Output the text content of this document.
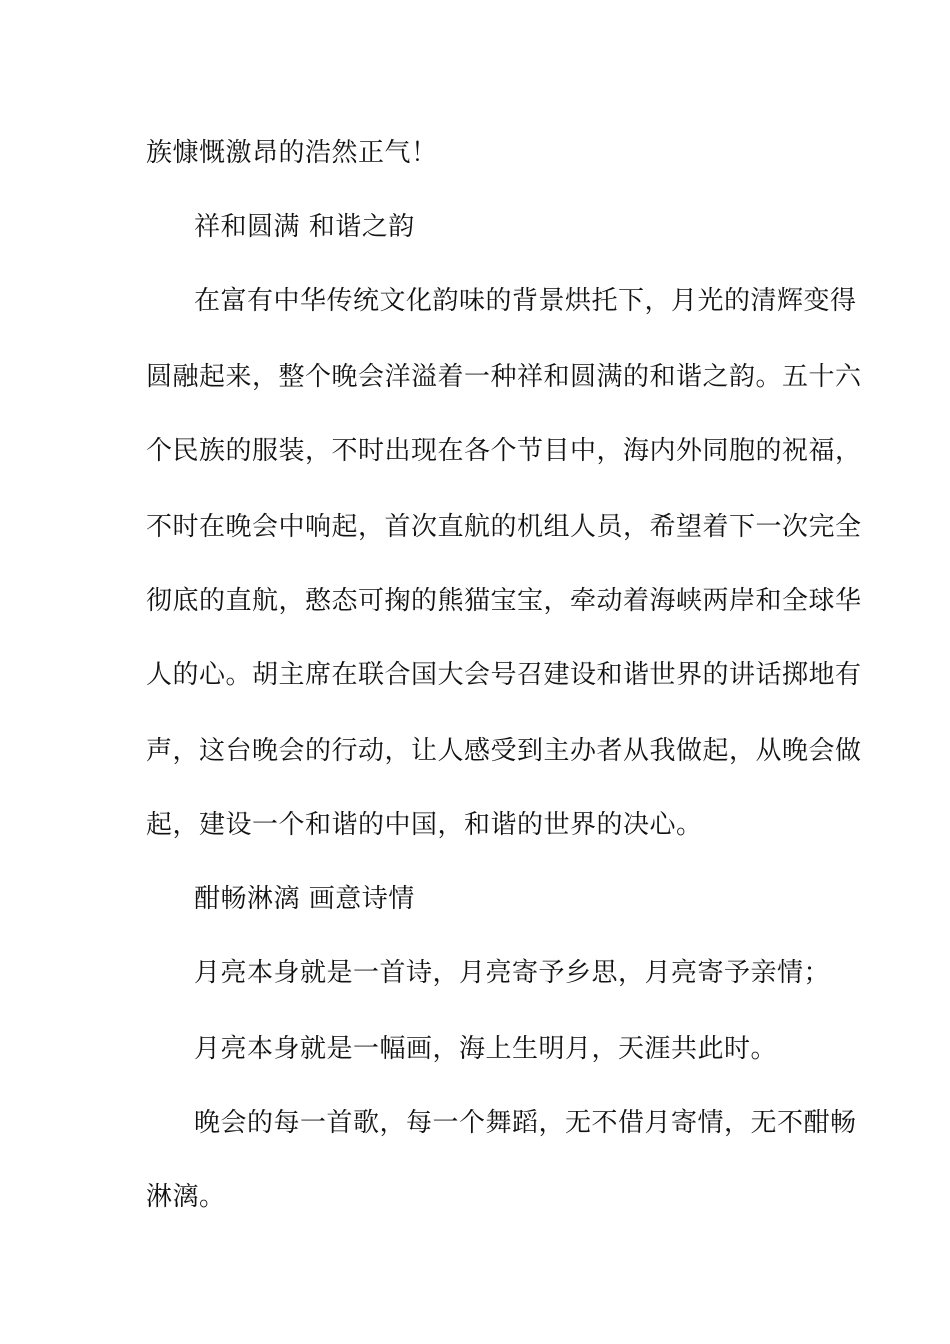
族慷慨激昂的浩然正气！
祥和圆满 和谐之韵
在富有中华传统文化韵味的背景烘托下，月光的清辉变得
圆融起来，整个晚会洋溢着一种祥和圆满的和谐之韵。五十六
个民族的服装，不时出现在各个节目中，海内外同胞的祝福，
不时在晚会中响起，首次直航的机组人员，希望着下一次完全
彻底的直航，憨态可掬的熊猫宝宝，牵动着海峡两岸和全球华
人的心。胡主席在联合国大会号召建设和谐世界的讲话掷地有
声，这台晚会的行动，让人感受到主办者从我做起，从晚会做
起，建设一个和谐的中国，和谐的世界的决心。
酣畅淋漓 画意诗情
月亮本身就是一首诗，月亮寄予乡思，月亮寄予亲情；
月亮本身就是一幅画，海上生明月，天涯共此时。
晚会的每一首歌，每一个舞蹈，无不借月寄情，无不酣畅
淋漓。
